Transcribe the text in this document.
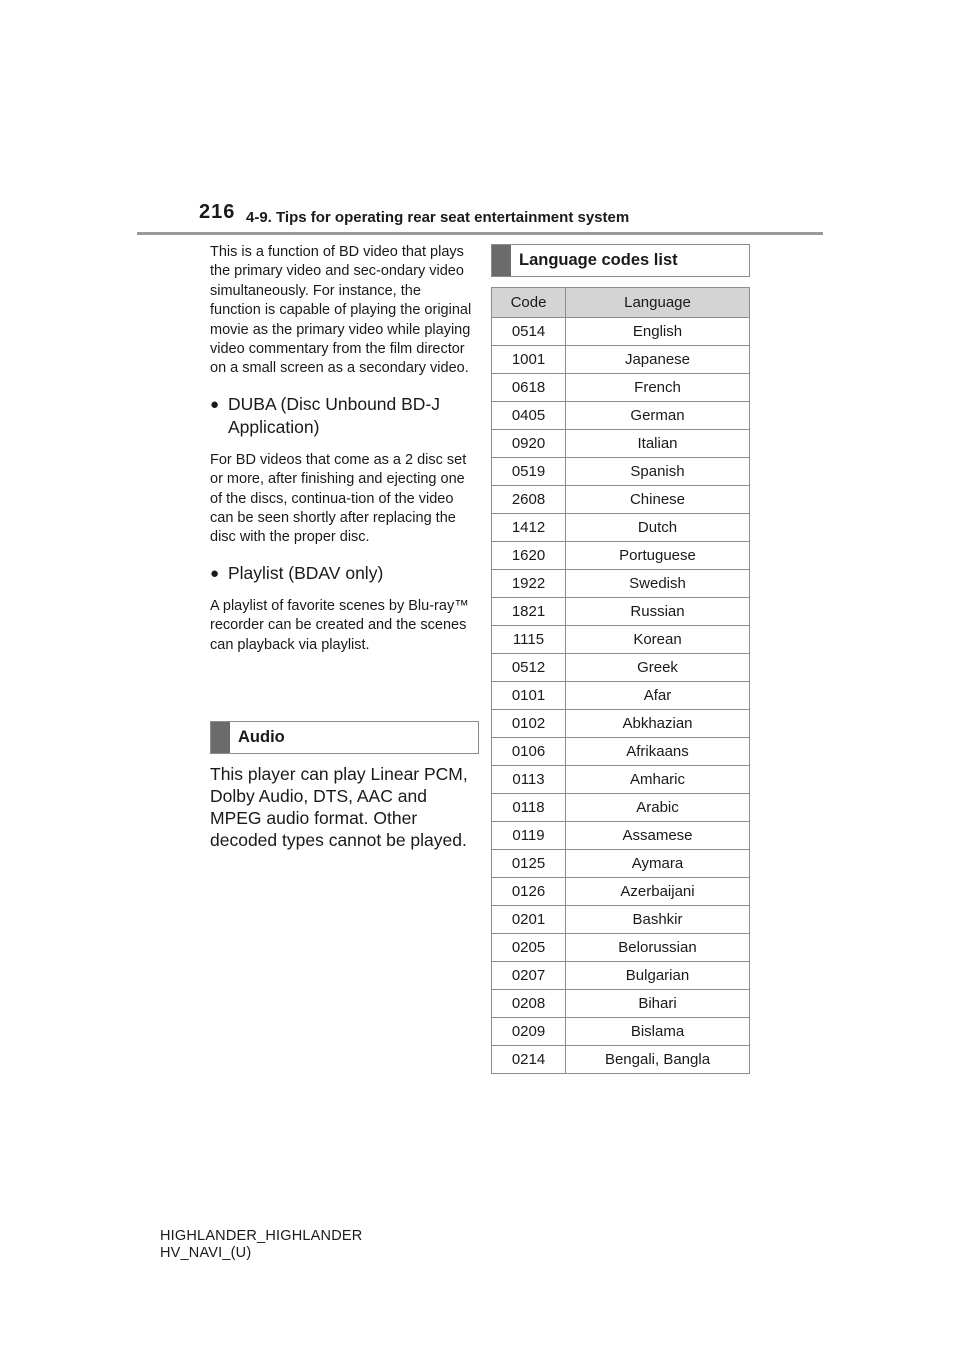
216 4-9. Tips for operating rear seat entertainment system

This is a function of BD video that plays the primary video and sec-ondary video simultaneously. For instance, the function is capable of playing the original movie as the primary video while playing video commentary from the film director on a small screen as a secondary video.

● DUBA (Disc Unbound BD-J Application)

For BD videos that come as a 2 disc set or more, after finishing and ejecting one of the discs, continua-tion of the video can be seen shortly after replacing the disc with the proper disc.

● Playlist (BDAV only)

A playlist of favorite scenes by Blu-ray™ recorder can be created and the scenes can playback via playlist.

Audio

This player can play Linear PCM, Dolby Audio, DTS, AAC and MPEG audio format. Other decoded types cannot be played.

Language codes list
Code	Language
0514	English
1001	Japanese
0618	French
0405	German
0920	Italian
0519	Spanish
2608	Chinese
1412	Dutch
1620	Portuguese
1922	Swedish
1821	Russian
1115	Korean
0512	Greek
0101	Afar
0102	Abkhazian
0106	Afrikaans
0113	Amharic
0118	Arabic
0119	Assamese
0125	Aymara
0126	Azerbaijani
0201	Bashkir
0205	Belorussian
0207	Bulgarian
0208	Bihari
0209	Bislama
0214	Bengali, Bangla
HIGHLANDER_HIGHLANDER
HV_NAVI_(U)
